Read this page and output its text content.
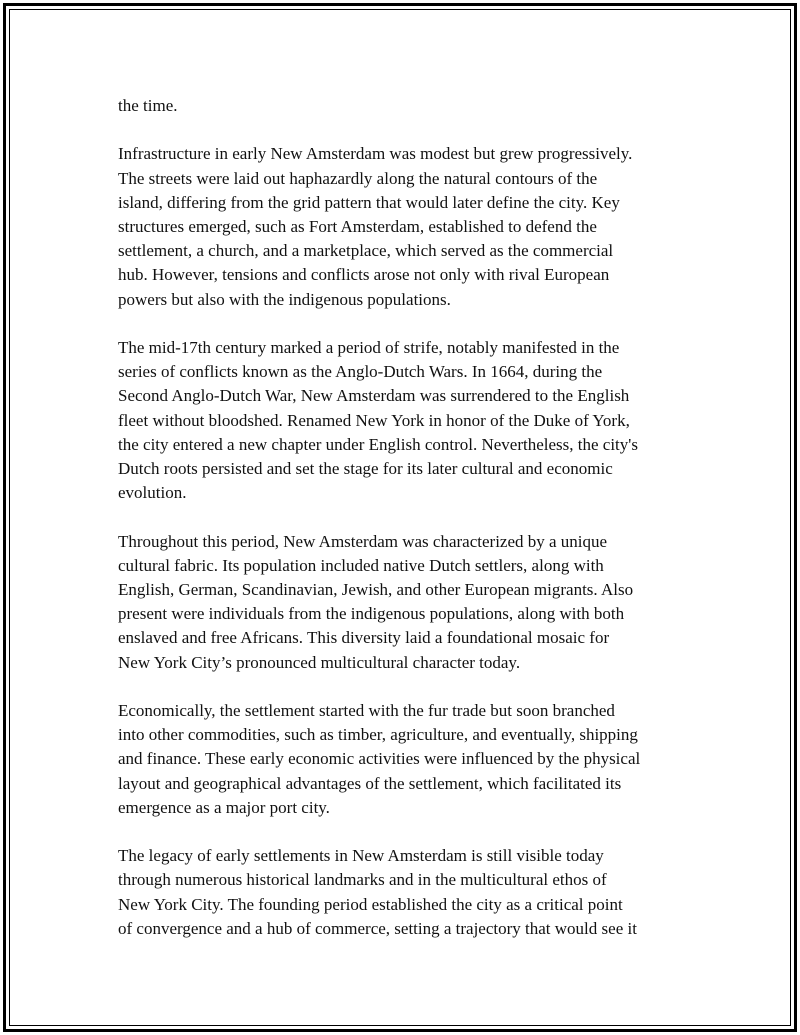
the time.

Infrastructure in early New Amsterdam was modest but grew progressively.
The streets were laid out haphazardly along the natural contours of the
island, differing from the grid pattern that would later define the city. Key
structures emerged, such as Fort Amsterdam, established to defend the
settlement, a church, and a marketplace, which served as the commercial
hub. However, tensions and conflicts arose not only with rival European
powers but also with the indigenous populations.

The mid-17th century marked a period of strife, notably manifested in the
series of conflicts known as the Anglo-Dutch Wars. In 1664, during the
Second Anglo-Dutch War, New Amsterdam was surrendered to the English
fleet without bloodshed. Renamed New York in honor of the Duke of York,
the city entered a new chapter under English control. Nevertheless, the city's
Dutch roots persisted and set the stage for its later cultural and economic
evolution.

Throughout this period, New Amsterdam was characterized by a unique
cultural fabric. Its population included native Dutch settlers, along with
English, German, Scandinavian, Jewish, and other European migrants. Also
present were individuals from the indigenous populations, along with both
enslaved and free Africans. This diversity laid a foundational mosaic for
New York City’s pronounced multicultural character today.

Economically, the settlement started with the fur trade but soon branched
into other commodities, such as timber, agriculture, and eventually, shipping
and finance. These early economic activities were influenced by the physical
layout and geographical advantages of the settlement, which facilitated its
emergence as a major port city.

The legacy of early settlements in New Amsterdam is still visible today
through numerous historical landmarks and in the multicultural ethos of
New York City. The founding period established the city as a critical point
of convergence and a hub of commerce, setting a trajectory that would see it
